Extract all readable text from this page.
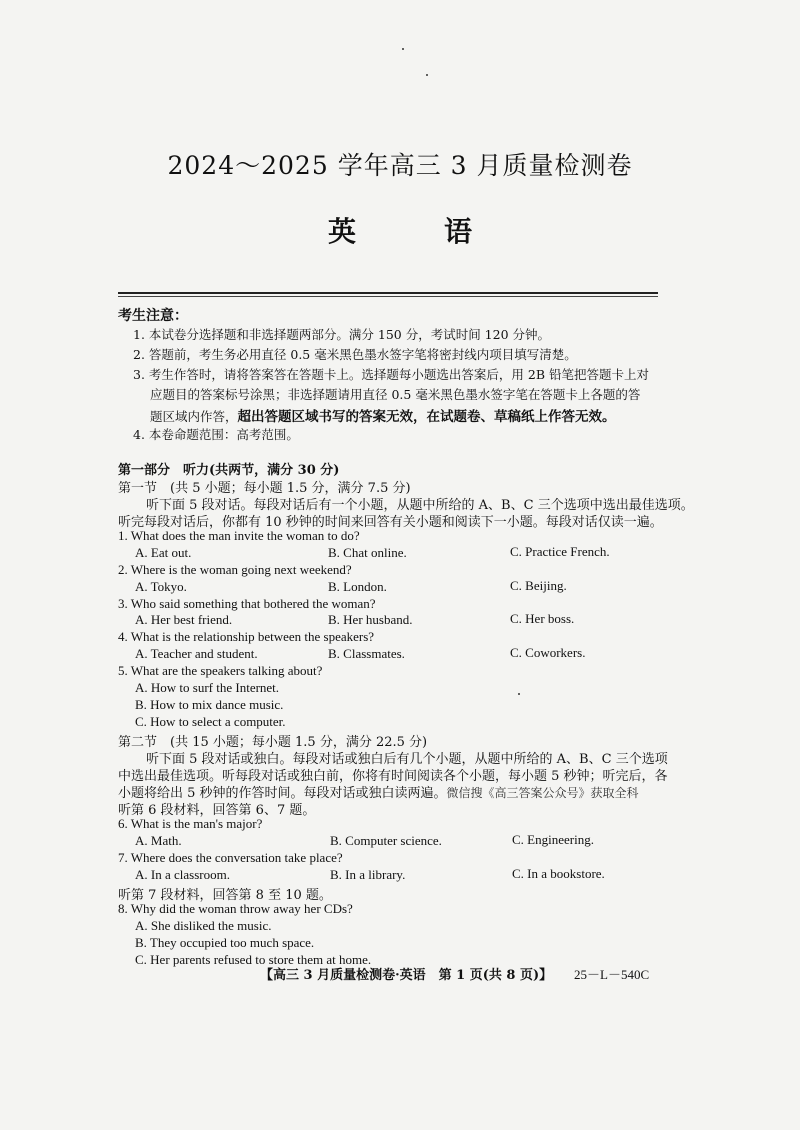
2024～2025 学年高三 3 月质量检测卷
英　语
考生注意：
1. 本试卷分选择题和非选择题两部分。满分 150 分，考试时间 120 分钟。
2. 答题前，考生务必用直径 0.5 毫米黑色墨水签字笔将密封线内项目填写清楚。
3. 考生作答时，请将答案答在答题卡上。选择题每小题选出答案后，用 2B 铅笔把答题卡上对
应题目的答案标号涂黑；非选择题请用直径 0.5 毫米黑色墨水签字笔在答题卡上各题的答
题区域内作答，超出答题区域书写的答案无效，在试题卷、草稿纸上作答无效。
4. 本卷命题范围：高考范围。
第一部分　听力(共两节，满分 30 分)
第一节　(共 5 小题；每小题 1.5 分，满分 7.5 分)
听下面 5 段对话。每段对话后有一个小题，从题中所给的 A、B、C 三个选项中选出最佳选项。
听完每段对话后，你都有 10 秒钟的时间来回答有关小题和阅读下一小题。每段对话仅读一遍。
1. What does the man invite the woman to do?
A. Eat out.	B. Chat online.	C. Practice French.
2. Where is the woman going next weekend?
A. Tokyo.	B. London.	C. Beijing.
3. Who said something that bothered the woman?
A. Her best friend.	B. Her husband.	C. Her boss.
4. What is the relationship between the speakers?
A. Teacher and student.	B. Classmates.	C. Coworkers.
5. What are the speakers talking about?
A. How to surf the Internet.
B. How to mix dance music.
C. How to select a computer.
第二节　(共 15 小题；每小题 1.5 分，满分 22.5 分)
听下面 5 段对话或独白。每段对话或独白后有几个小题，从题中所给的 A、B、C 三个选项
中选出最佳选项。听每段对话或独白前，你将有时间阅读各个小题，每小题 5 秒钟；听完后，各
小题将给出 5 秒钟的作答时间。每段对话或独白读两遍。微信搜《高三答案公众号》获取全科
听第 6 段材料，回答第 6、7 题。
6. What is the man's major?
A. Math.	B. Computer science.	C. Engineering.
7. Where does the conversation take place?
A. In a classroom.	B. In a library.	C. In a bookstore.
听第 7 段材料，回答第 8 至 10 题。
8. Why did the woman throw away her CDs?
A. She disliked the music.
B. They occupied too much space.
C. Her parents refused to store them at home.
【高三 3 月质量检测卷·英语　第 1 页(共 8 页)】 25－L－540C
